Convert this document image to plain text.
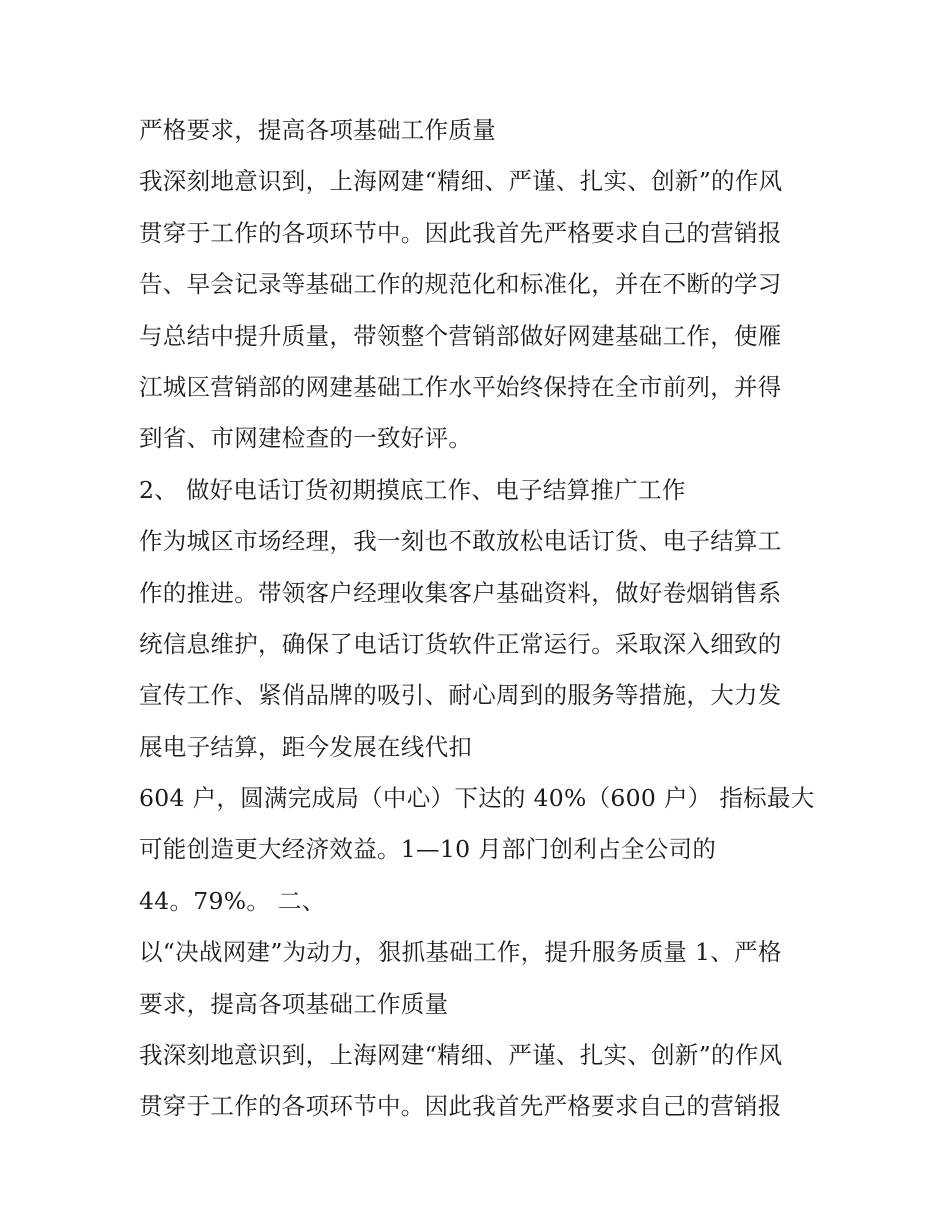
严格要求，提高各项基础工作质量
我深刻地意识到，上海网建“精细、严谨、扎实、创新”的作风
贯穿于工作的各项环节中。因此我首先严格要求自己的营销报
告、早会记录等基础工作的规范化和标准化，并在不断的学习
与总结中提升质量，带领整个营销部做好网建基础工作，使雁
江城区营销部的网建基础工作水平始终保持在全市前列，并得
到省、市网建检查的一致好评。
2、 做好电话订货初期摸底工作、电子结算推广工作
作为城区市场经理，我一刻也不敢放松电话订货、电子结算工
作的推进。带领客户经理收集客户基础资料，做好卷烟销售系
统信息维护，确保了电话订货软件正常运行。采取深入细致的
宣传工作、紧俏品牌的吸引、耐心周到的服务等措施，大力发
展电子结算，距今发展在线代扣
604 户，圆满完成局（中心）下达的 40%（600 户） 指标最大
可能创造更大经济效益。1—10 月部门创利占全公司的
44。79%。 二、
以“决战网建”为动力，狠抓基础工作，提升服务质量 1、严格
要求，提高各项基础工作质量
我深刻地意识到，上海网建“精细、严谨、扎实、创新”的作风
贯穿于工作的各项环节中。因此我首先严格要求自己的营销报
